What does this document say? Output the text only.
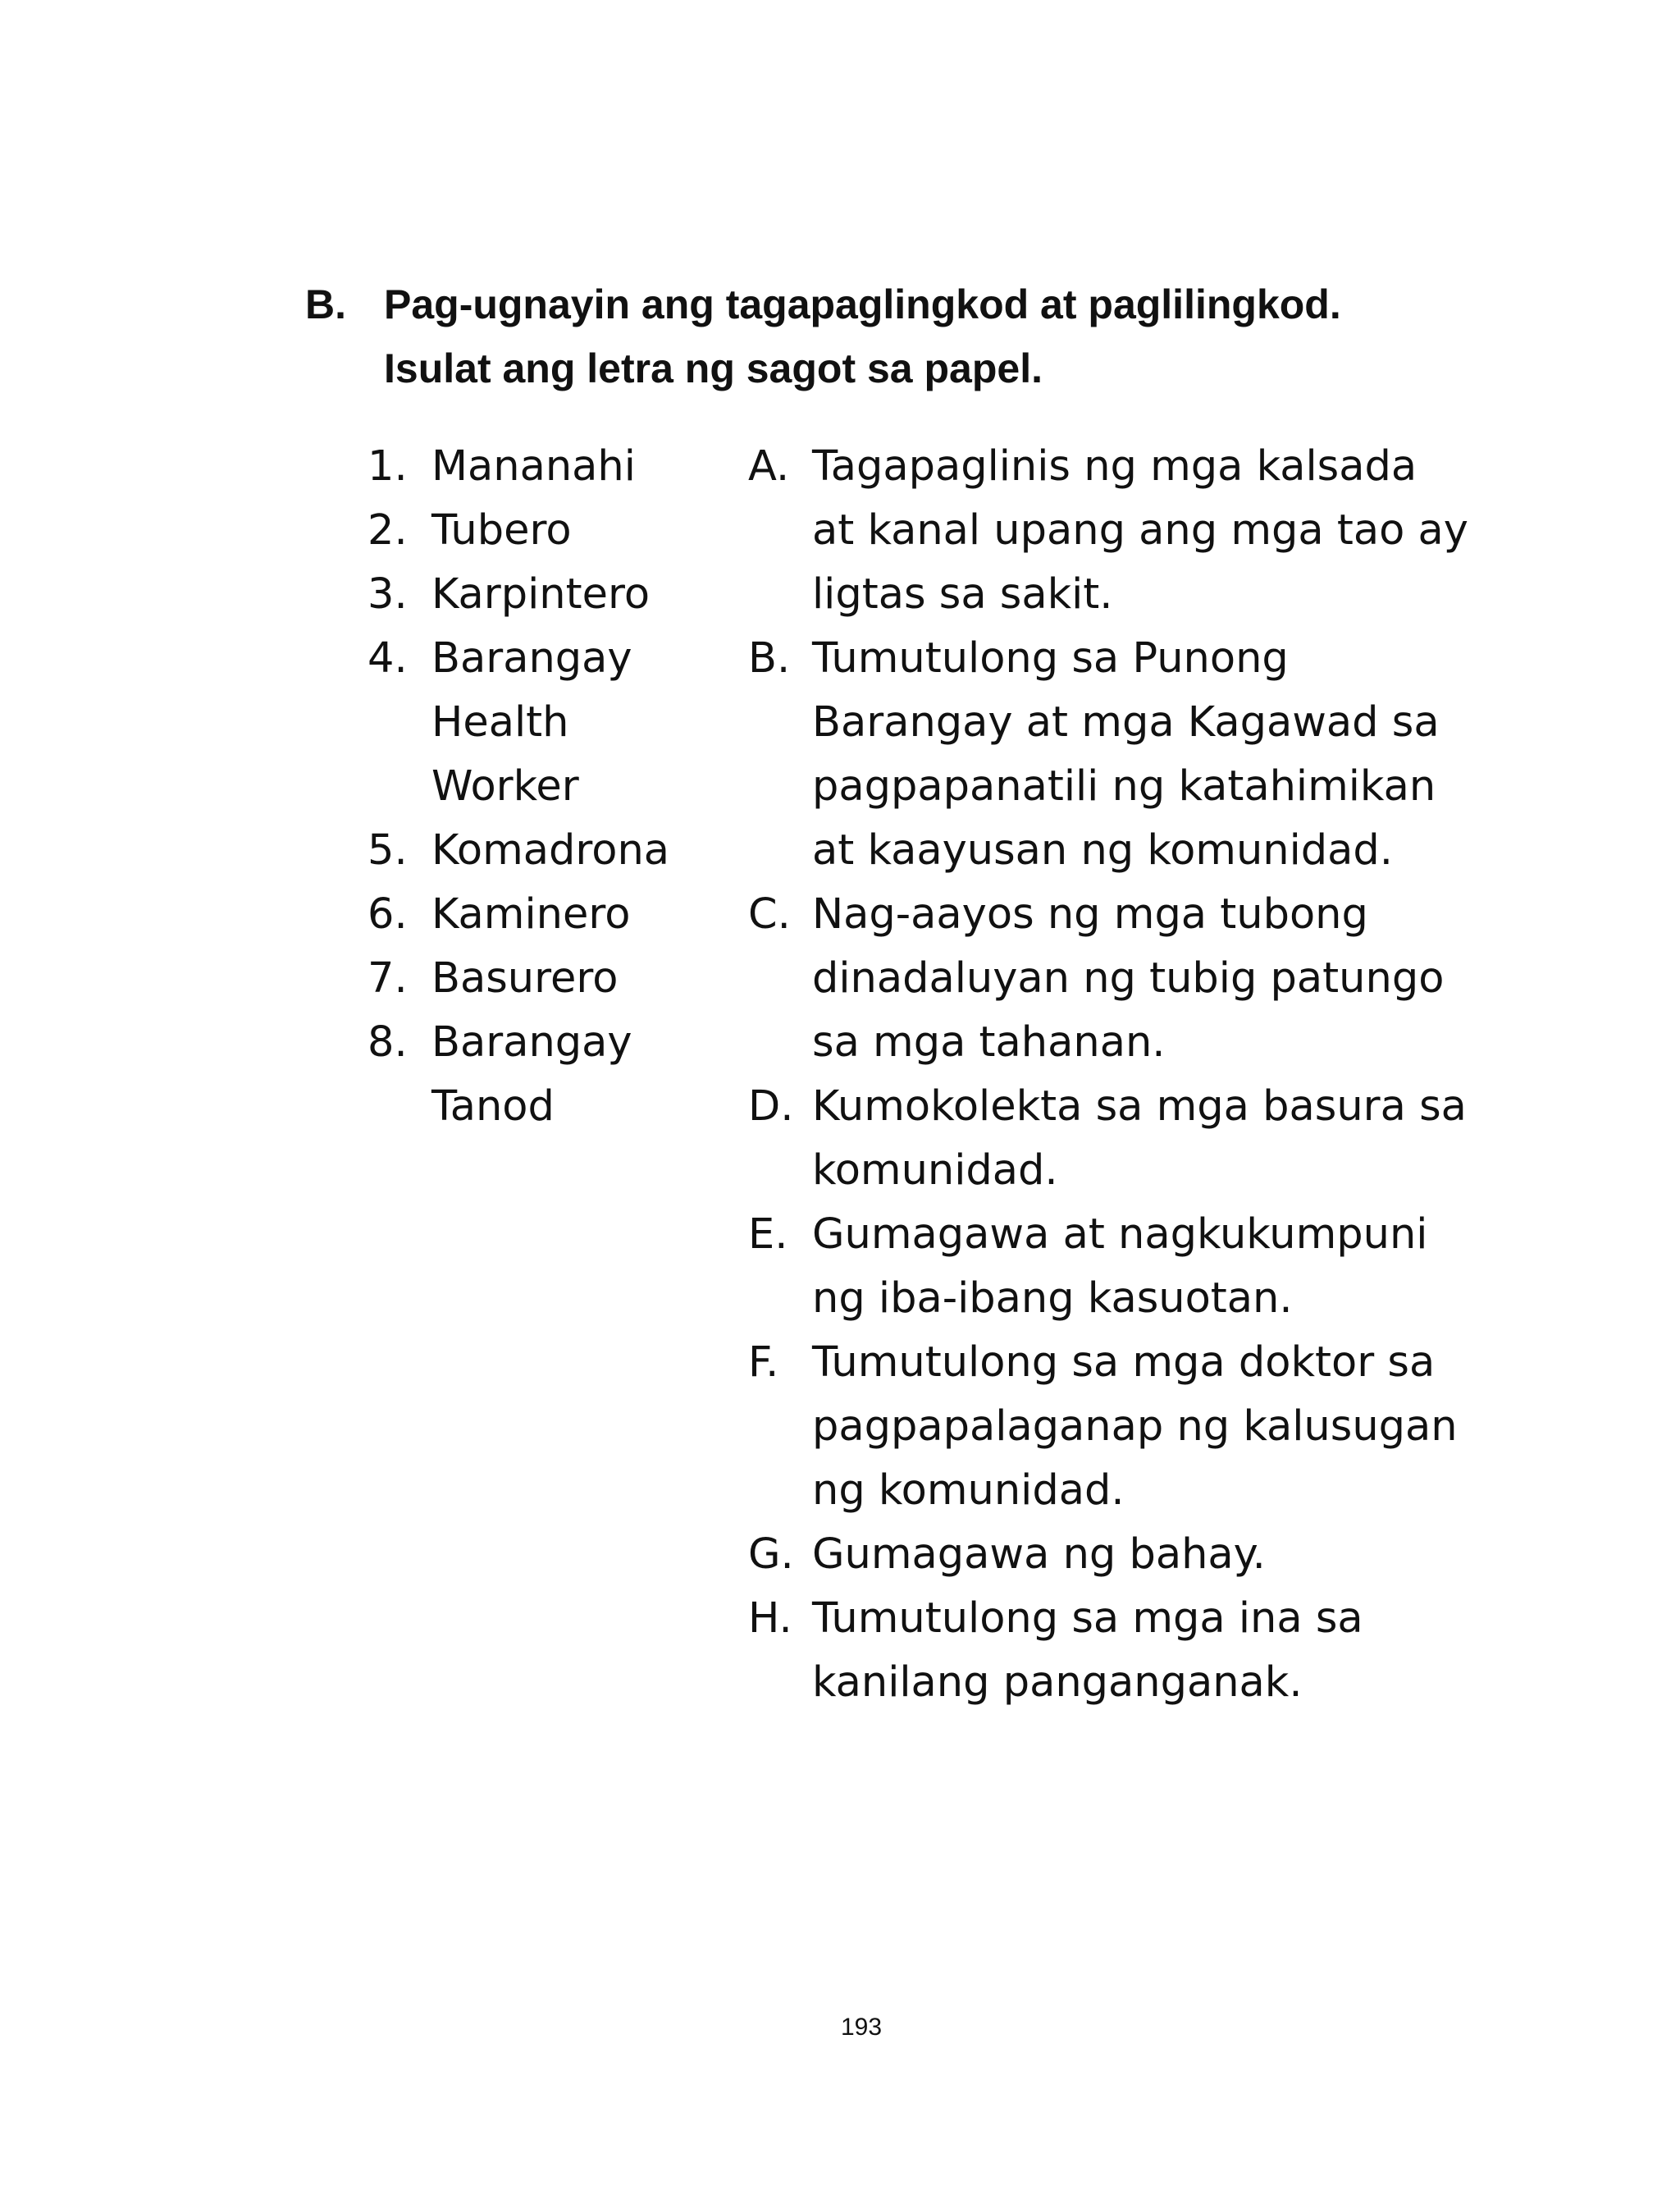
B. Pag-ugnayin ang tagapaglingkod at paglilingkod. Isulat ang letra ng sagot sa papel.
1. Mananahi
2. Tubero
3. Karpintero
4. Barangay Health Worker
5. Komadrona
6. Kaminero
7. Basurero
8. Barangay Tanod
A. Tagapaglinis ng mga kalsada at kanal upang ang mga tao ay ligtas sa sakit.
B. Tumutulong sa Punong Barangay at mga Kagawad sa pagpapanatili ng katahimikan at kaayusan ng komunidad.
C. Nag-aayos ng mga tubong dinadaluyan ng tubig patungo sa mga tahanan.
D. Kumokolekta sa mga basura sa komunidad.
E. Gumagawa at nagkukumpuni ng iba-ibang kasuotan.
F. Tumutulong sa mga doktor sa pagpapalaganap ng kalusugan ng komunidad.
G. Gumagawa ng bahay.
H. Tumutulong sa mga ina sa kanilang panganganak.
193
